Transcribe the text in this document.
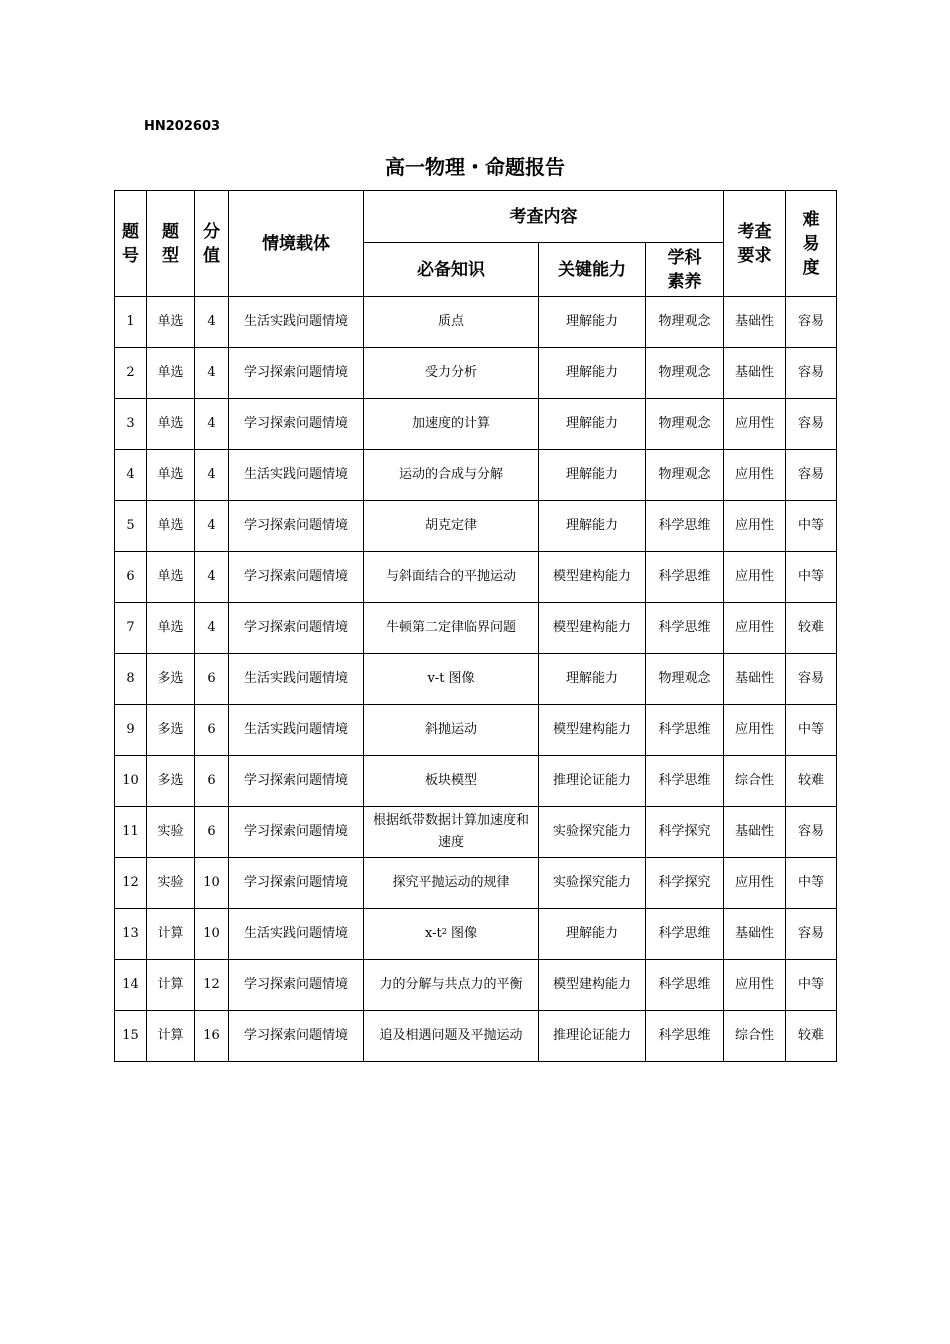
HN202603
高一物理・命题报告
题号	题型	分值	情境载体	考查内容			考查要求	难易度
				必备知识	关键能力	学科素养		
1	单选	4	生活实践问题情境	质点	理解能力	物理观念	基础性	容易
2	单选	4	学习探索问题情境	受力分析	理解能力	物理观念	基础性	容易
3	单选	4	学习探索问题情境	加速度的计算	理解能力	物理观念	应用性	容易
4	单选	4	生活实践问题情境	运动的合成与分解	理解能力	物理观念	应用性	容易
5	单选	4	学习探索问题情境	胡克定律	理解能力	科学思维	应用性	中等
6	单选	4	学习探索问题情境	与斜面结合的平抛运动	模型建构能力	科学思维	应用性	中等
7	单选	4	学习探索问题情境	牛顿第二定律临界问题	模型建构能力	科学思维	应用性	较难
8	多选	6	生活实践问题情境	v-t 图像	理解能力	物理观念	基础性	容易
9	多选	6	生活实践问题情境	斜抛运动	模型建构能力	科学思维	应用性	中等
10	多选	6	学习探索问题情境	板块模型	推理论证能力	科学思维	综合性	较难
11	实验	6	学习探索问题情境	根据纸带数据计算加速度和速度	实验探究能力	科学探究	基础性	容易
12	实验	10	学习探索问题情境	探究平抛运动的规律	实验探究能力	科学探究	应用性	中等
13	计算	10	生活实践问题情境	$x-t^2$ 图像	理解能力	科学思维	基础性	容易
14	计算	12	学习探索问题情境	力的分解与共点力的平衡	模型建构能力	科学思维	应用性	中等
15	计算	16	学习探索问题情境	追及相遇问题及平抛运动	推理论证能力	科学思维	综合性	较难
